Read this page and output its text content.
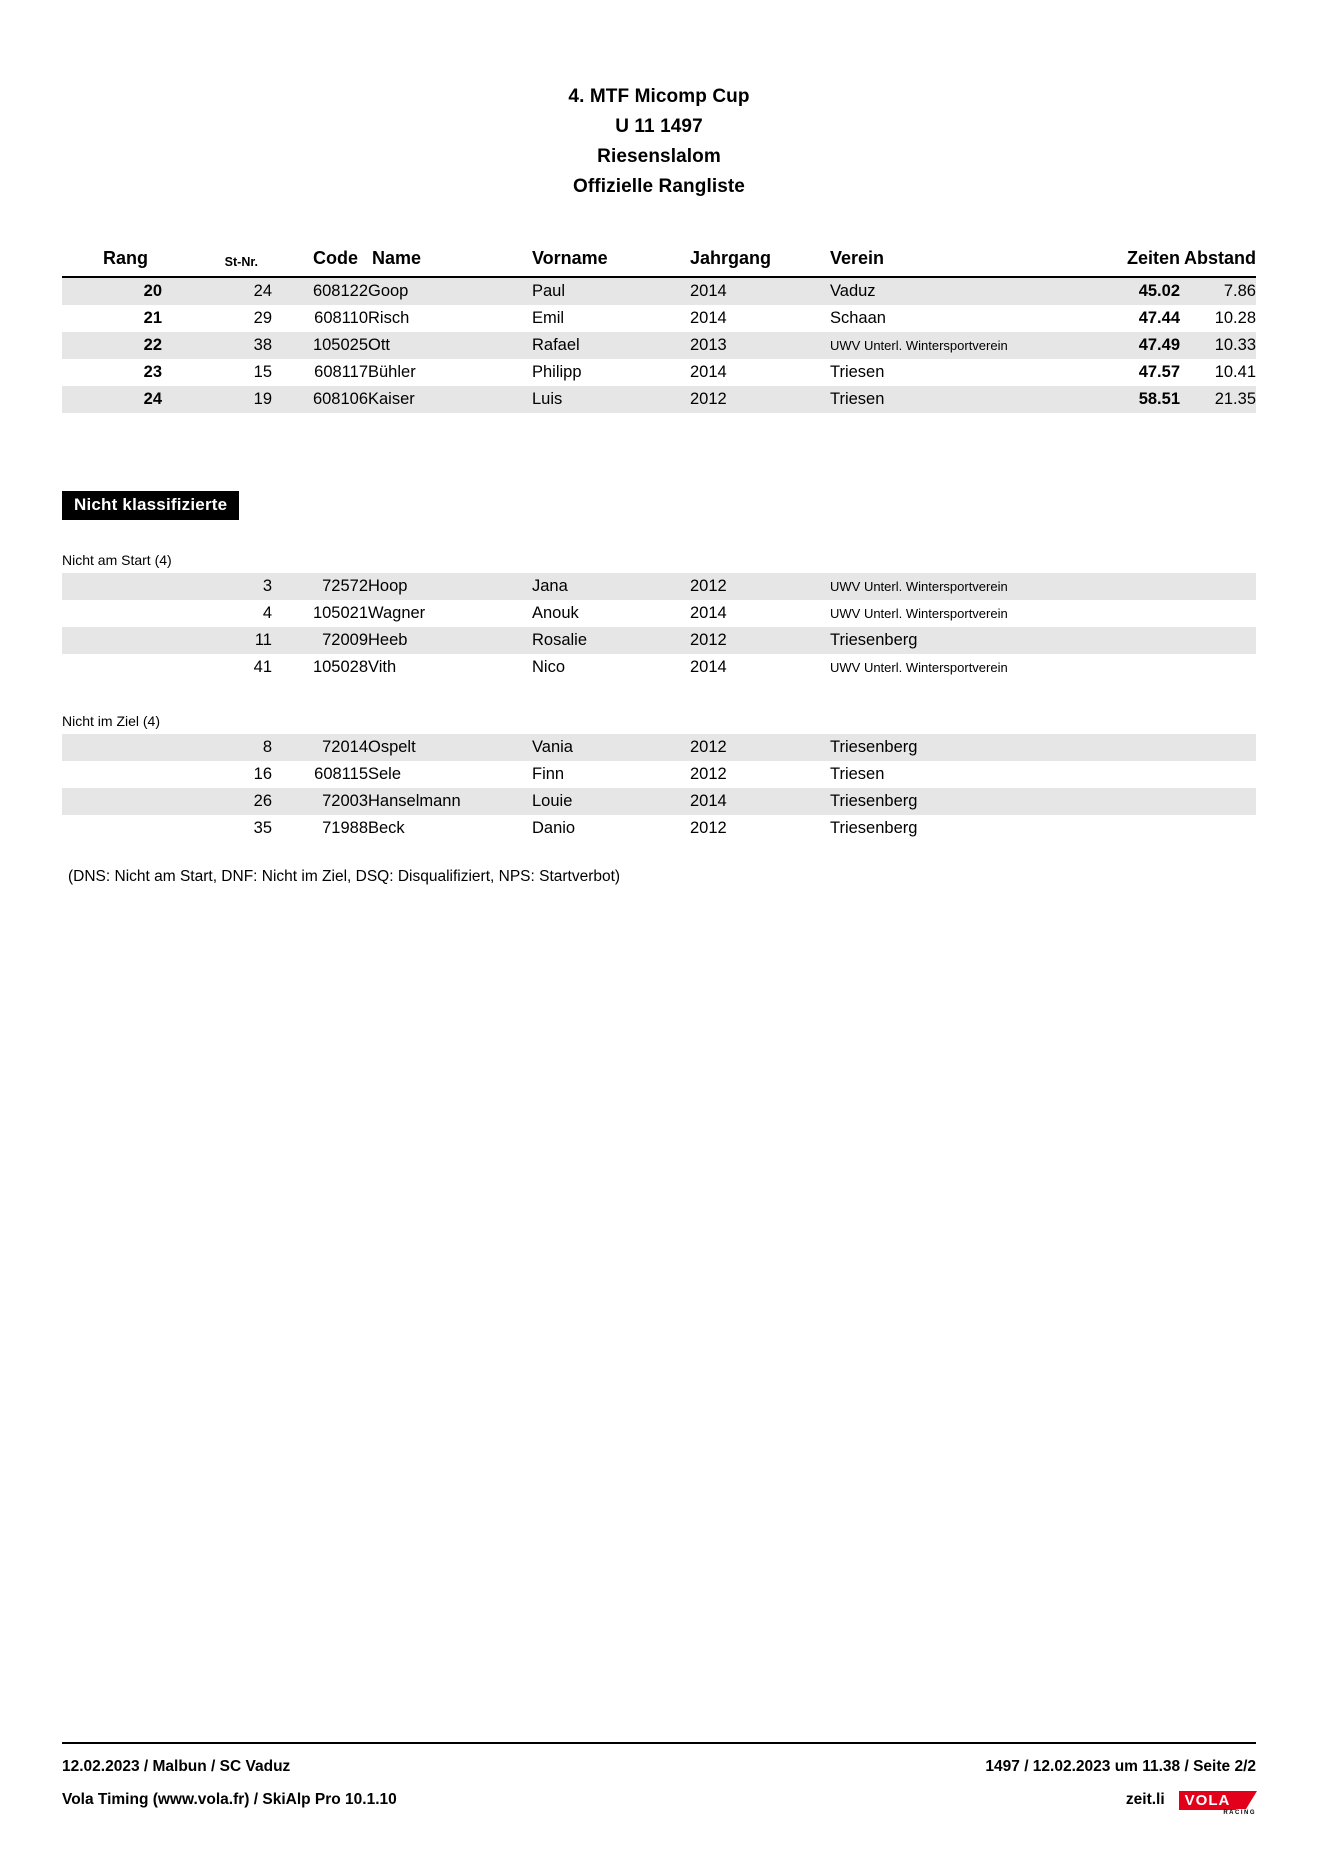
4. MTF Micomp Cup
U 11 1497
Riesenslalom
Offizielle Rangliste
Rang	St-Nr.	Code	Name	Vorname	Jahrgang	Verein	Zeiten	Abstand
20	24	608122	Goop	Paul	2014	Vaduz	45.02	7.86
21	29	608110	Risch	Emil	2014	Schaan	47.44	10.28
22	38	105025	Ott	Rafael	2013	UWV Unterl. Wintersportverein	47.49	10.33
23	15	608117	Bühler	Philipp	2014	Triesen	47.57	10.41
24	19	608106	Kaiser	Luis	2012	Triesen	58.51	21.35
Nicht klassifizierte
Nicht am Start (4)
	3	72572	Hoop	Jana	2012	UWV Unterl. Wintersportverein		
	4	105021	Wagner	Anouk	2014	UWV Unterl. Wintersportverein		
	11	72009	Heeb	Rosalie	2012	Triesenberg		
	41	105028	Vith	Nico	2014	UWV Unterl. Wintersportverein		
Nicht im Ziel (4)
	8	72014	Ospelt	Vania	2012	Triesenberg		
	16	608115	Sele	Finn	2012	Triesen		
	26	72003	Hanselmann	Louie	2014	Triesenberg		
	35	71988	Beck	Danio	2012	Triesenberg		
(DNS: Nicht am Start, DNF: Nicht im Ziel, DSQ: Disqualifiziert, NPS: Startverbot)
12.02.2023 / Malbun / SC Vaduz	1497 / 12.02.2023 um 11.38 / Seite 2/2
Vola Timing (www.vola.fr) / SkiAlp Pro 10.1.10	zeit.li	VOLA
RACING
